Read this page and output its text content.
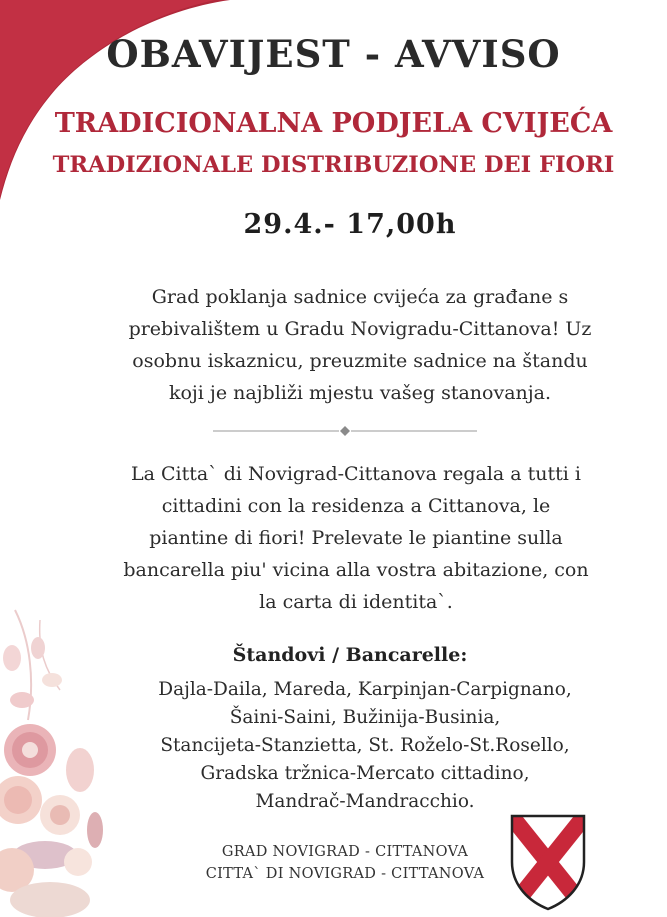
OBAVIJEST - AVVISO
TRADICIONALNA PODJELA CVIJEĆA
TRADIZIONALE DISTRIBUZIONE DEI FIORI
29.4.- 17,00h
Grad poklanja sadnice cvijeća za građane s
prebivalištem u Gradu Novigradu-Cittanova! Uz
osobnu iskaznicu, preuzmite sadnice na štandu
koji je najbliži mjestu vašeg stanovanja.
La Citta` di Novigrad-Cittanova regala a tutti i
cittadini con la residenza a Cittanova, le
piantine di fiori! Prelevate le piantine sulla
bancarella piu' vicina alla vostra abitazione, con
la carta di identita`.
Štandovi / Bancarelle:
Dajla-Daila, Mareda, Karpinjan-Carpignano,
Šaini-Saini, Bužinija-Businia,
Stancijeta-Stanzietta, St. Roželo-St.Rosello,
Gradska tržnica-Mercato cittadino,
Mandrač-Mandracchio.
GRAD NOVIGRAD - CITTANOVA
CITTA` DI NOVIGRAD - CITTANOVA
